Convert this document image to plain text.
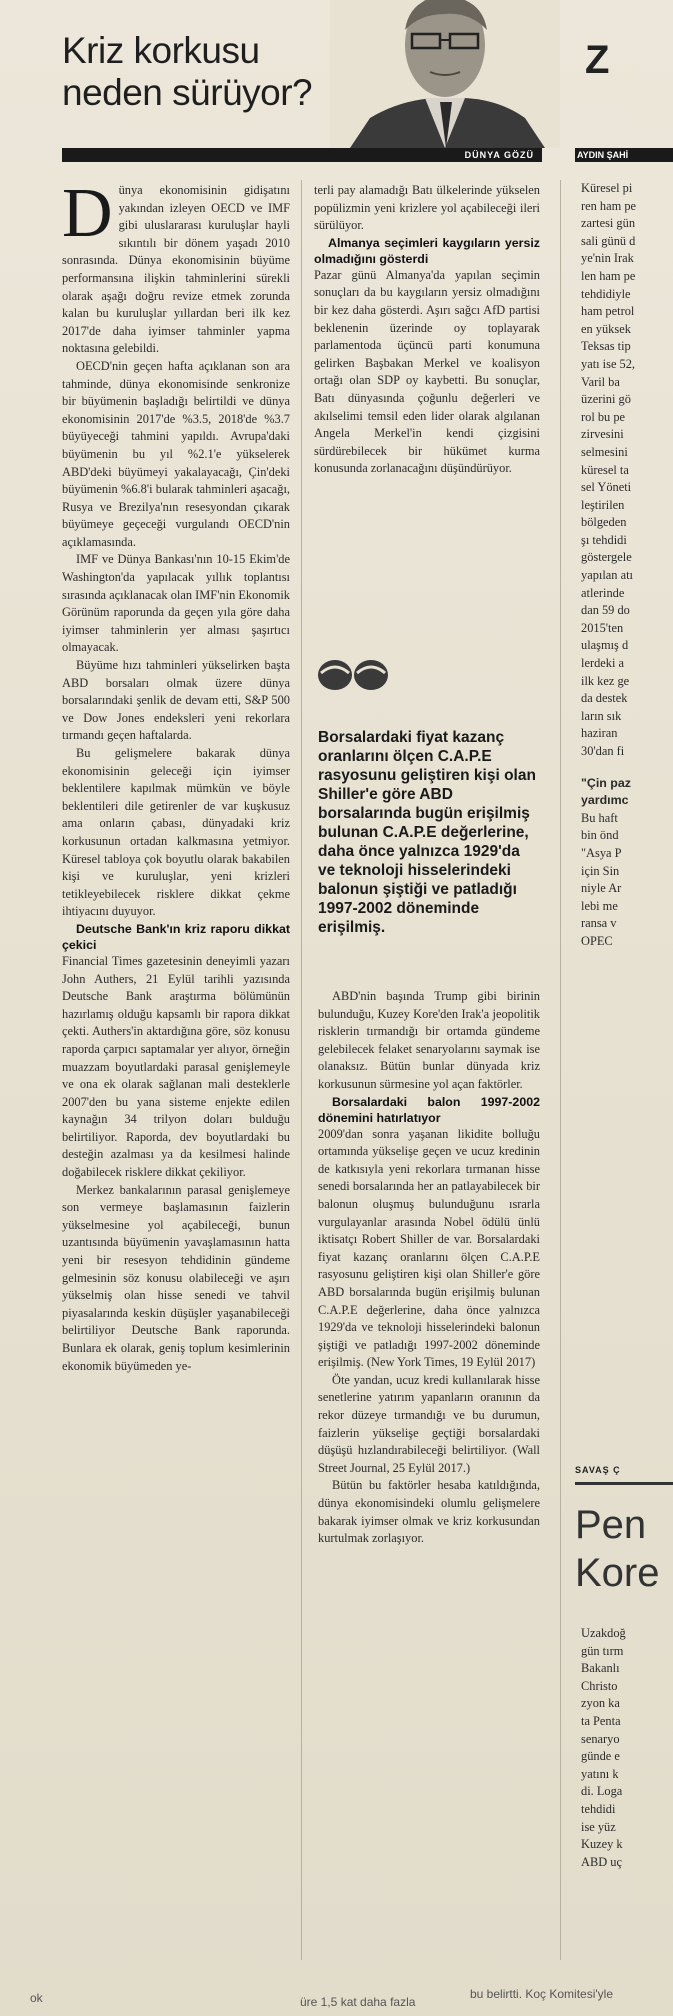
Kriz korkusu
neden sürüyor?
DÜNYA GÖZÜ

Dünya ekonomisinin gidişatını yakından izleyen OECD ve IMF gibi uluslararası kuruluşlar hayli sıkıntılı bir dönem yaşadı 2010 sonrasında. Dünya ekonomisinin büyüme performansına ilişkin tahminlerini sürekli olarak aşağı doğru revize etmek zorunda kalan bu kuruluşlar yıllardan beri ilk kez 2017'de daha iyimser tahminler yapma noktasına gelebildi.

OECD'nin geçen hafta açıklanan son ara tahminde, dünya ekonomisinde senkronize bir büyümenin başladığı belirtildi ve dünya ekonomisinin 2017'de %3.5, 2018'de %3.7 büyüyeceği tahmini yapıldı. Avrupa'daki büyümenin bu yıl %2.1'e yükselerek ABD'deki büyümeyi yakalayacağı, Çin'deki büyümenin %6.8'i bularak tahminleri aşacağı, Rusya ve Brezilya'nın resesyondan çıkarak büyümeye geçeceği vurgulandı OECD'nin açıklamasında.

IMF ve Dünya Bankası'nın 10-15 Ekim'de Washington'da yapılacak yıllık toplantısı sırasında açıklanacak olan IMF'nin Ekonomik Görünüm raporunda da geçen yıla göre daha iyimser tahminlerin yer alması şaşırtıcı olmayacak.

Büyüme hızı tahminleri yükselirken başta ABD borsaları olmak üzere dünya borsalarındaki şenlik de devam etti, S&P 500 ve Dow Jones endeksleri yeni rekorlara tırmandı geçen haftalarda.

Bu gelişmelere bakarak dünya ekonomisinin geleceği için iyimser beklentilere kapılmak mümkün ve böyle beklentileri dile getirenler de var kuşkusuz ama onların çabası, dünyadaki kriz korkusunun ortadan kalkmasına yetmiyor. Küresel tabloya çok boyutlu olarak bakabilen kişi ve kuruluşlar, yeni krizleri tetikleyebilecek risklere dikkat çekme ihtiyacını duyuyor.

Deutsche Bank'ın kriz raporu dikkat çekici

Financial Times gazetesinin deneyimli yazarı John Authers, 21 Eylül tarihli yazısında Deutsche Bank araştırma bölümünün hazırlamış olduğu kapsamlı bir rapora dikkat çekti. Authers'in aktardığına göre, söz konusu raporda çarpıcı saptamalar yer alıyor, örneğin muazzam boyutlardaki parasal genişlemeyle ve ona ek olarak sağlanan mali desteklerle 2007'den bu yana sisteme enjekte edilen kaynağın 34 trilyon doları bulduğu belirtiliyor. Raporda, dev boyutlardaki bu desteğin azalması ya da kesilmesi halinde doğabilecek risklere dikkat çekiliyor.

Merkez bankalarının parasal genişlemeye son vermeye başlamasının faizlerin yükselmesine yol açabileceği, bunun uzantısında büyümenin yavaşlamasının hatta yeni bir resesyon tehdidinin gündeme gelmesinin söz konusu olabileceği ve aşırı yükselmiş olan hisse senedi ve tahvil piyasalarında keskin düşüşler yaşanabileceği belirtiliyor Deutsche Bank raporunda. Bunlara ek olarak, geniş toplum kesimlerinin ekonomik büyümeden ye-

terli pay alamadığı Batı ülkelerinde yükselen popülizmin yeni krizlere yol açabileceği ileri sürülüyor.

Almanya seçimleri kaygıların yersiz olmadığını gösterdi

Pazar günü Almanya'da yapılan seçimin sonuçları da bu kaygıların yersiz olmadığını bir kez daha gösterdi. Aşırı sağcı AfD partisi beklenenin üzerinde oy toplayarak parlamentoda üçüncü parti konumuna gelirken Başbakan Merkel ve koalisyon ortağı olan SDP oy kaybetti. Bu sonuçlar, Batı dünyasında çoğunlu değerleri ve akılselimi temsil eden lider olarak algılanan Angela Merkel'in kendi çizgisini sürdürebilecek bir hükümet kurma konusunda zorlanacağını düşündürüyor.

Borsalardaki fiyat kazanç oranlarını ölçen C.A.P.E rasyosunu geliştiren kişi olan Shiller'e göre ABD borsalarında bugün erişilmiş bulunan C.A.P.E değerlerine, daha önce yalnızca 1929'da ve teknoloji hisselerindeki balonun şiştiği ve patladığı 1997-2002 döneminde erişilmiş.

ABD'nin başında Trump gibi birinin bulunduğu, Kuzey Kore'den Irak'a jeopolitik risklerin tırmandığı bir ortamda gündeme gelebilecek felaket senaryolarını saymak ise olanaksız. Bütün bunlar dünyada kriz korkusunun sürmesine yol açan faktörler.

Borsalardaki balon 1997-2002 dönemini hatırlatıyor

2009'dan sonra yaşanan likidite bolluğu ortamında yükselişe geçen ve ucuz kredinin de katkısıyla yeni rekorlara tırmanan hisse senedi borsalarında her an patlayabilecek bir balonun oluşmuş bulunduğunu ısrarla vurgulayanlar arasında Nobel ödülü ünlü iktisatçı Robert Shiller de var. Borsalardaki fiyat kazanç oranlarını ölçen C.A.P.E rasyosunu geliştiren kişi olan Shiller'e göre ABD borsalarında bugün erişilmiş bulunan C.A.P.E değerlerine, daha önce yalnızca 1929'da ve teknoloji hisselerindeki balonun şiştiği ve patladığı 1997-2002 döneminde erişilmiş. (New York Times, 19 Eylül 2017)

Öte yandan, ucuz kredi kullanılarak hisse senetlerine yatırım yapanların oranının da rekor düzeye tırmandığı ve bu durumun, faizlerin yükselişe geçtiği borsalardaki düşüşü hızlandırabileceği belirtiliyor. (Wall Street Journal, 25 Eylül 2017.)

Bütün bu faktörler hesaba katıldığında, dünya ekonomisindeki olumlu gelişmelere bakarak iyimser olmak ve kriz korkusundan kurtulmak zorlaşıyor.

Z
AYDIN ŞAHİ
Küresel pi
ren ham pe
zartesi gün
sali günü d
ye'nin Irak
len ham pe
tehdidiyle
ham petrol
en yüksek
Teksas tip
yatı ise 52,
Varil ba
üzerini gö
rol bu pe
zirvesini
selmesini
küresel ta
sel Yöneti
leştirilen
bölgeden
şı tehdidi
göstergele
yapılan atı
atlerinde
dan 59 do
2015'ten
ulaşmış d
lerdeki a
ilk kez ge
da destek
ların sık
haziran
30'dan fi
"Çin paz
yardımc
Bu haft
bin önd
"Asya P
için Sin
niyle Ar
lebi me
ransa v
OPEC
SAVAŞ Ç
Pen
Kore
Uzakdoğ
gün tırm
Bakanlı
Christo
zyon ka
ta Penta
senaryo
günde e
yatını k
di. Loga
tehdidi
ise yüz
Kuzey k
ABD uç
ok	üre 1,5 kat daha fazla
bu belirtti. Koç Komitesi'yle
